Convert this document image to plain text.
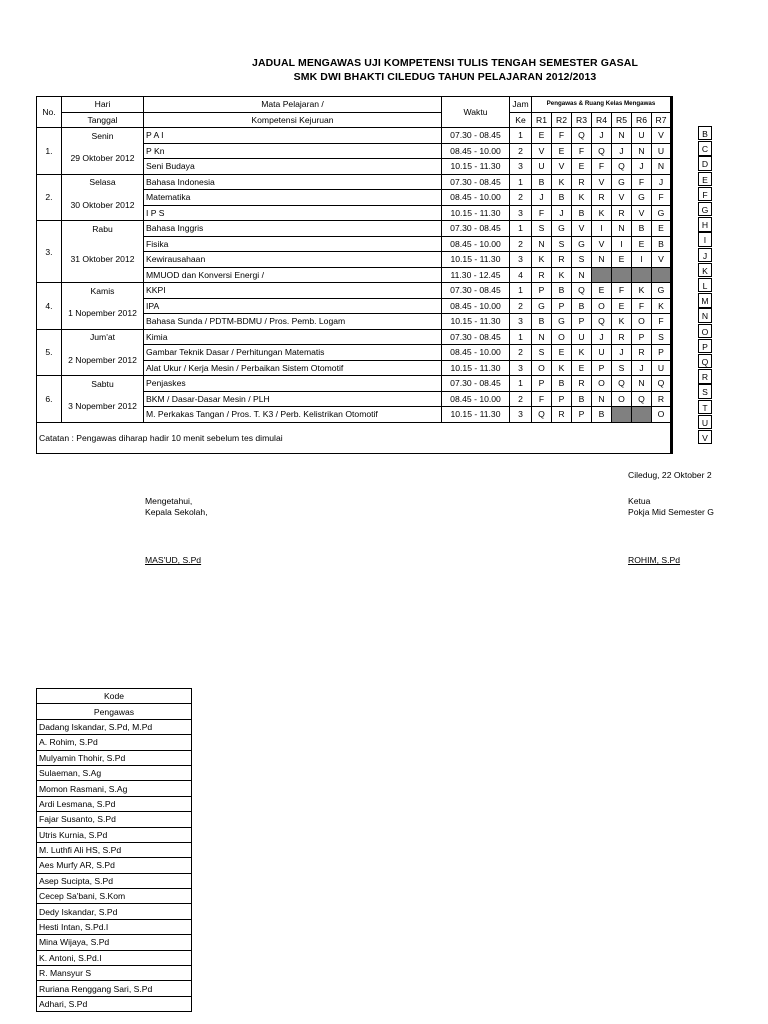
JADUAL MENGAWAS UJI KOMPETENSI TULIS TENGAH SEMESTER GASAL
SMK DWI BHAKTI CILEDUG TAHUN PELAJARAN 2012/2013
No.	Hari	Mata Pelajaran /	Waktu	Jam	Pengawas & Ruang Kelas Mengawas						
	Tanggal	Kompetensi Kejuruan		Ke	R1	R2	R3	R4	R5	R6	R7
1.	Senin	P A I	07.30 - 08.45	1	E	F	Q	J	N	U	V
	29 Oktober 2012	P Kn	08.45 - 10.00	2	V	E	F	Q	J	N	U
		Seni Budaya	10.15 - 11.30	3	U	V	E	F	Q	J	N
2.	Selasa	Bahasa Indonesia	07.30 - 08.45	1	B	K	R	V	G	F	J
	30 Oktober 2012	Matematika	08.45 - 10.00	2	J	B	K	R	V	G	F
		I P S	10.15 - 11.30	3	F	J	B	K	R	V	G
3.	Rabu	Bahasa Inggris	07.30 - 08.45	1	S	G	V	I	N	B	E
	31 Oktober 2012	Fisika	08.45 - 10.00	2	N	S	G	V	I	E	B
		Kewirausahaan	10.15 - 11.30	3	K	R	S	N	E	I	V
		MMUOD dan Konversi Energi /	11.30 - 12.45	4	R	K	N				
4.	Kamis	KKPI	07.30 - 08.45	1	P	B	Q	E	F	K	G
	1 Nopember 2012	IPA	08.45 - 10.00	2	G	P	B	O	E	F	K
		Bahasa Sunda / PDTM-BDMU / Pros. Pemb. Logam	10.15 - 11.30	3	B	G	P	Q	K	O	F
5.	Jum'at	Kimia	07.30 - 08.45	1	N	O	U	J	R	P	S
	2 Nopember 2012	Gambar Teknik Dasar / Perhitungan Matematis	08.45 - 10.00	2	S	E	K	U	J	R	P
		Alat Ukur / Kerja Mesin / Perbaikan Sistem Otomotif	10.15 - 11.30	3	O	K	E	P	S	J	U
6.	Sabtu	Penjaskes	07.30 - 08.45	1	P	B	R	O	Q	N	Q
	3 Nopember 2012	BKM / Dasar-Dasar Mesin / PLH	08.45 - 10.00	2	F	P	B	N	O	Q	R
		M. Perkakas Tangan / Pros. T. K3 / Perb. Kelistrikan Otomotif	10.15 - 11.30	3	Q	R	P	B			O
Catatan : Pengawas diharap hadir 10 menit sebelum tes dimulai											
B
C
D
E
F
G
H
I
J
K
L
M
N
O
P
Q
R
S
T
U
V
Ciledug, 22 Oktober 2
Mengetahui,
Kepala Sekolah,
MAS'UD, S.Pd
Ketua
Pokja Mid Semester G
ROHIM, S.Pd
Kode
Pengawas
Dadang Iskandar, S.Pd, M.Pd
A. Rohim, S.Pd
Mulyamin Thohir, S.Pd
Sulaeman, S.Ag
Momon Rasmani, S.Ag
Ardi Lesmana, S.Pd
Fajar Susanto, S.Pd
Utris Kurnia, S.Pd
M. Luthfi Ali HS, S.Pd
Aes Murfy AR, S.Pd
Asep Sucipta, S.Pd
Cecep Sa'bani, S.Kom
Dedy Iskandar, S.Pd
Hesti Intan, S.Pd.I
Mina Wijaya, S.Pd
K. Antoni, S.Pd.I
R. Mansyur S
Ruriana Renggang Sari, S.Pd
Adhari, S.Pd
